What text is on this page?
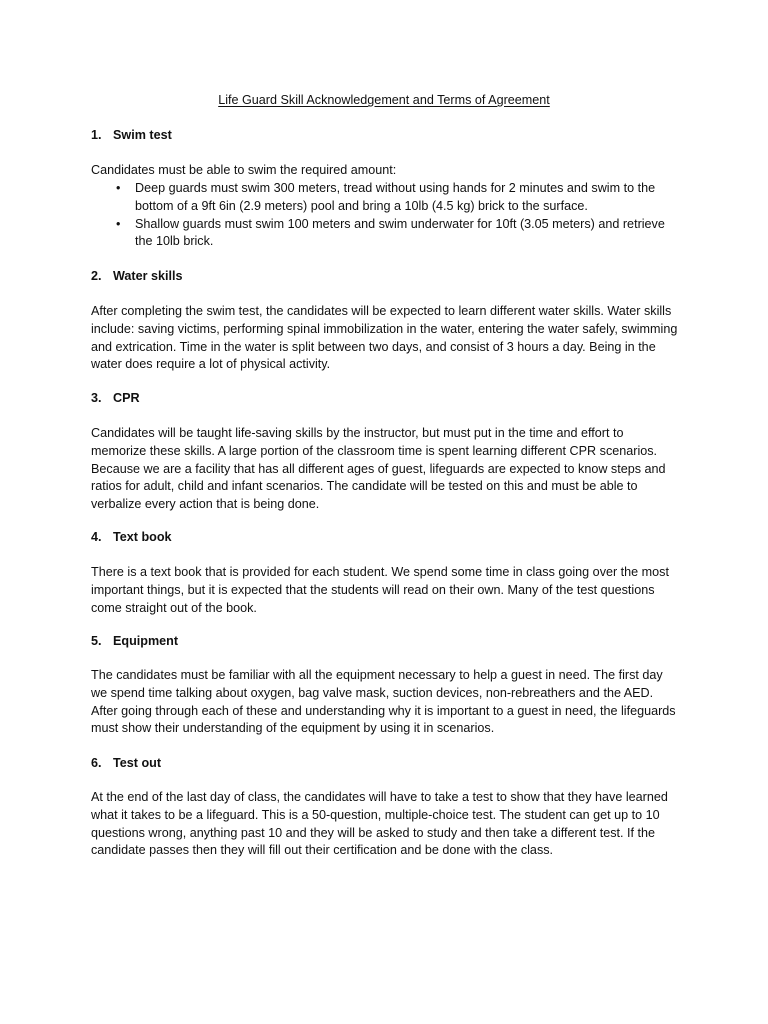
Life Guard Skill Acknowledgement and Terms of Agreement
1. Swim test
Candidates must be able to swim the required amount:
• Deep guards must swim 300 meters, tread without using hands for 2 minutes and swim to the bottom of a 9ft 6in (2.9 meters) pool and bring a 10lb (4.5 kg) brick to the surface.
• Shallow guards must swim 100 meters and swim underwater for 10ft (3.05 meters) and retrieve the 10lb brick.
2. Water skills
After completing the swim test, the candidates will be expected to learn different water skills. Water skills include: saving victims, performing spinal immobilization in the water, entering the water safely, swimming and extrication. Time in the water is split between two days, and consist of 3 hours a day. Being in the water does require a lot of physical activity.
3. CPR
Candidates will be taught life-saving skills by the instructor, but must put in the time and effort to memorize these skills. A large portion of the classroom time is spent learning different CPR scenarios. Because we are a facility that has all different ages of guest, lifeguards are expected to know steps and ratios for adult, child and infant scenarios. The candidate will be tested on this and must be able to verbalize every action that is being done.
4. Text book
There is a text book that is provided for each student. We spend some time in class going over the most important things, but it is expected that the students will read on their own. Many of the test questions come straight out of the book.
5. Equipment
The candidates must be familiar with all the equipment necessary to help a guest in need. The first day we spend time talking about oxygen, bag valve mask, suction devices, non-rebreathers and the AED. After going through each of these and understanding why it is important to a guest in need, the lifeguards must show their understanding of the equipment by using it in scenarios.
6. Test out
At the end of the last day of class, the candidates will have to take a test to show that they have learned what it takes to be a lifeguard. This is a 50-question, multiple-choice test. The student can get up to 10 questions wrong, anything past 10 and they will be asked to study and then take a different test. If the candidate passes then they will fill out their certification and be done with the class.
